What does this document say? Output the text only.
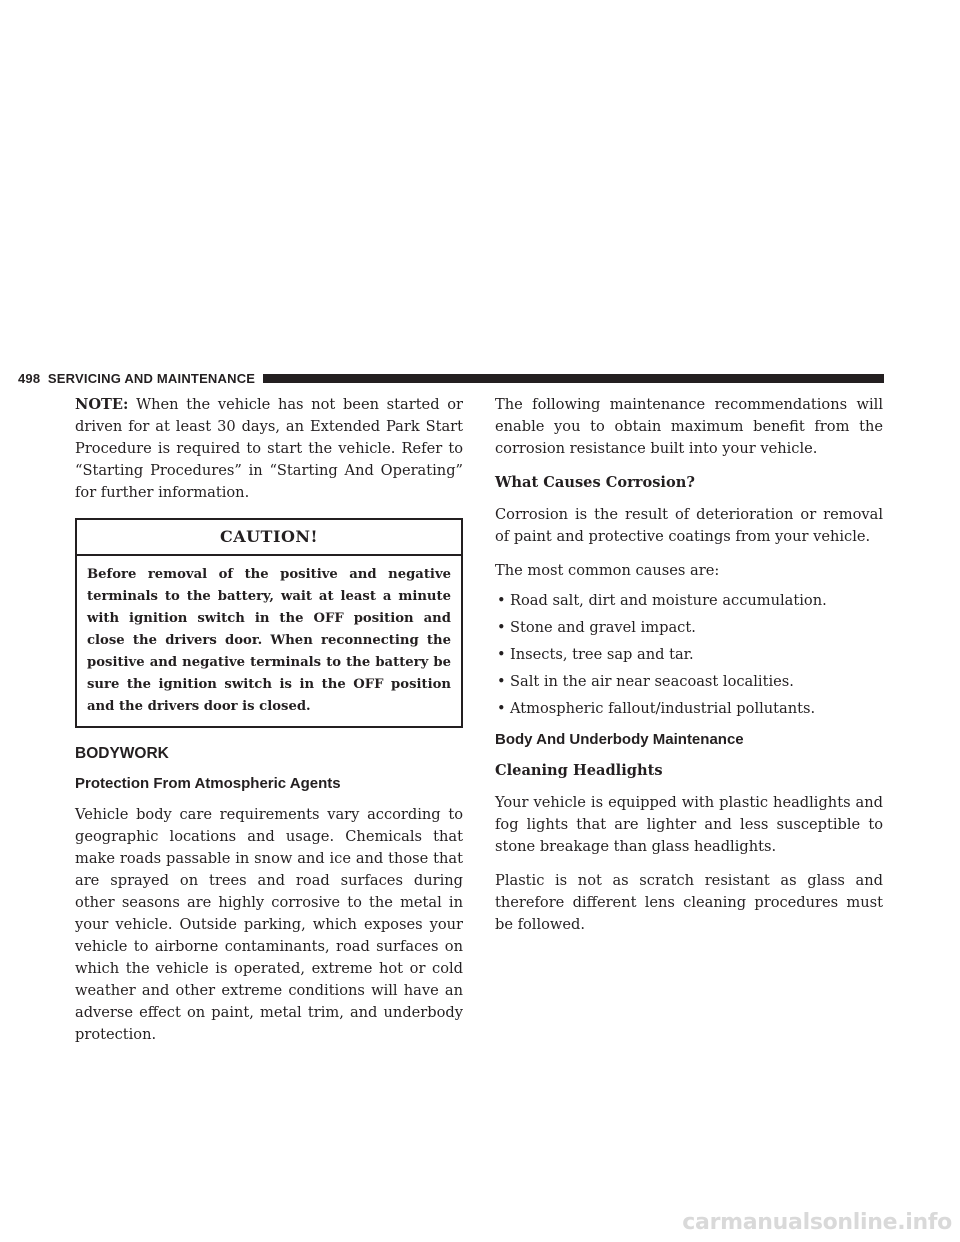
498 SERVICING AND MAINTENANCE

NOTE: When the vehicle has not been started or driven for at least 30 days, an Extended Park Start Procedure is required to start the vehicle. Refer to “Starting Procedures” in “Starting And Operating” for further information.

CAUTION!
Before removal of the positive and negative terminals to the battery, wait at least a minute with ignition switch in the OFF position and close the drivers door. When reconnecting the positive and negative terminals to the battery be sure the ignition switch is in the OFF position and the drivers door is closed.
BODYWORK
Protection From Atmospheric Agents

Vehicle body care requirements vary according to geographic locations and usage. Chemicals that make roads passable in snow and ice and those that are sprayed on trees and road surfaces during other seasons are highly corrosive to the metal in your vehicle. Outside parking, which exposes your vehicle to airborne contaminants, road surfaces on which the vehicle is operated, extreme hot or cold weather and other extreme conditions will have an adverse effect on paint, metal trim, and underbody protection.

The following maintenance recommendations will enable you to obtain maximum benefit from the corrosion resistance built into your vehicle.

What Causes Corrosion?

Corrosion is the result of deterioration or removal of paint and protective coatings from your vehicle.

The most common causes are:

• Road salt, dirt and moisture accumulation.
• Stone and gravel impact.
• Insects, tree sap and tar.
• Salt in the air near seacoast localities.
• Atmospheric fallout/industrial pollutants.
Body And Underbody Maintenance
Cleaning Headlights

Your vehicle is equipped with plastic headlights and fog lights that are lighter and less susceptible to stone breakage than glass headlights.

Plastic is not as scratch resistant as glass and therefore different lens cleaning procedures must be followed.

carmanualsonline.info
